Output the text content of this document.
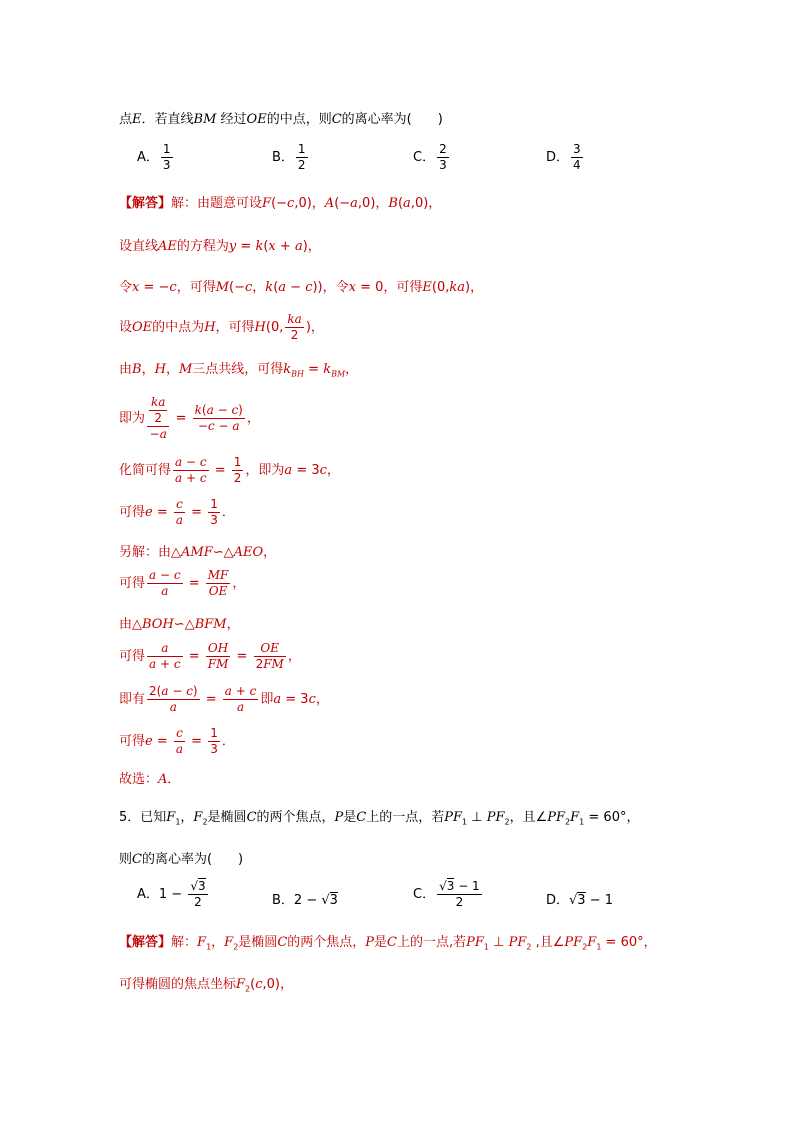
点E．若直线BM 经过OE的中点，则C的离心率为(　　)
A． $\frac{1}{3}$	B． $\frac{1}{2}$	C． $\frac{2}{3}$	D． $\frac{3}{4}$
【解答】解：由题意可设F(−c,0)，A(−a,0)，B(a,0)，
设直线AE的方程为y = k(x + a)，
令x = −c，可得M(−c，k(a − c))，令x = 0，可得E(0,ka)，
设OE的中点为H，可得H(0, $\frac{ka}{2}$ )，
由B，H，M三点共线，可得$k_{BH} = k_{BM}$，
即为 $\frac{\frac{ka}{2}}{-a} = \frac{k(a - c)}{-c - a}$ ，
化简可得 $\frac{a - c}{a + c} = \frac{1}{2}$ ，即为a = 3c，
可得$e = \frac{c}{a} = \frac{1}{3}$ ．
另解：由△AMF∽△AEO，
可得 $\frac{a - c}{a} = \frac{MF}{OE}$ ，
由△BOH∽△BFM，
可得 $\frac{a}{a + c} = \frac{OH}{FM} = \frac{OE}{2FM}$ ，
即有 $\frac{2(a - c)}{a} = \frac{a + c}{a}$ 即a = 3c，
可得$e = \frac{c}{a} = \frac{1}{3}$ ．
故选：A．
5．已知$F_1$，$F_2$是椭圆C的两个焦点，P是C上的一点，若$PF_1$ ⊥ $PF_2$，且$\angle PF_2F_1 = 60^\circ$，
则C的离心率为(　　)
A．$1 - \frac{√3}{2}$	B．2 − √3	C． $\frac{√3 - 1}{2}$	D．√3 − 1
【解答】解：$F_1$，$F_2$是椭圆C的两个焦点，P是C上的一点,若$PF_1$ ⊥ $PF_2$ ,且$\angle PF_2F_1 = 60^\circ$，
可得椭圆的焦点坐标$F_2(c,0)$，
